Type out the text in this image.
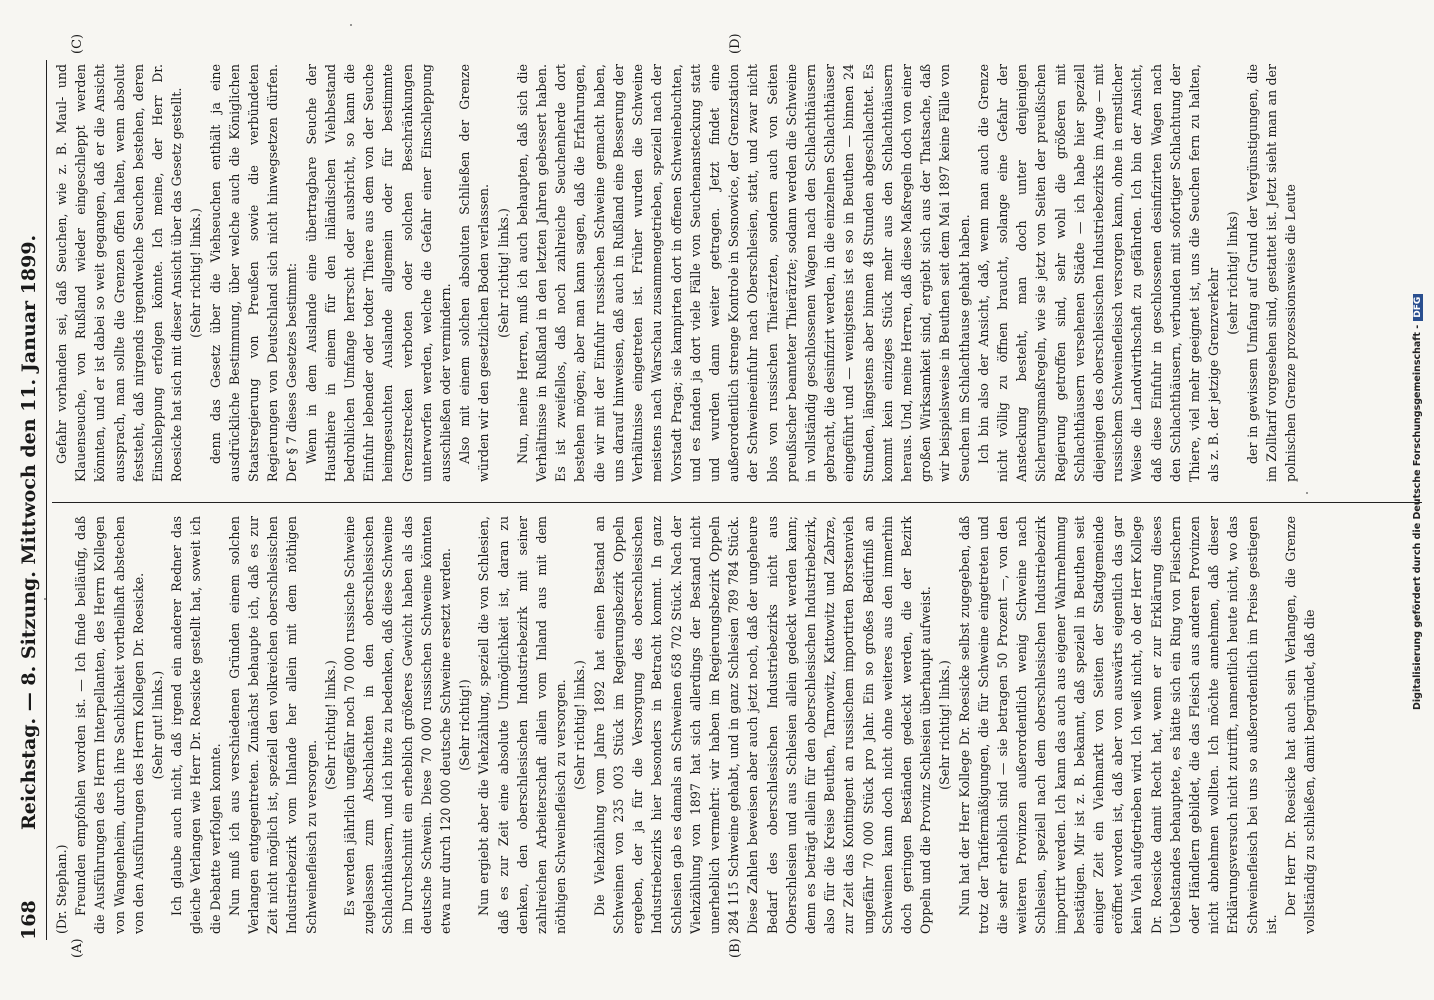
168
Reichstag. — 8. Sitzung. Mittwoch den 11. Januar 1899.

(Dr. Stephan.) Freunden empfohlen worden ist. — Ich finde beiläufig, daß die Ausführungen des Herrn Interpellanten, des Herrn Kollegen von Wangenheim, durch ihre Sachlichkeit vortheilhaft abstechen von den Ausführungen des Herrn Kollegen Dr. Roesicke. (Sehr gut! links.) Ich glaube auch nicht, daß irgend ein anderer Redner das gleiche Verlangen wie Herr Dr. Roesicke gestellt hat, soweit ich die Debatte verfolgen konnte. Nun muß ich aus verschiedenen Gründen einem solchen Verlangen entgegentreten. Zunächst behaupte ich, daß es zur Zeit nicht möglich ist, speziell den volkreichen oberschlesischen Industriebezirk vom Inlande her allein mit dem nöthigen Schweinefleisch zu versorgen.

(Sehr richtig! links.) Es werden jährlich ungefähr noch 70 000 russische Schweine zugelassen zum Abschlachten in den oberschlesischen Schlachthäusern, und ich bitte zu bedenken, daß diese Schweine im Durchschnitt ein erheblich größeres Gewicht haben als das deutsche Schwein. Diese 70 000 russischen Schweine könnten etwa nur durch 120 000 deutsche Schweine ersetzt werden. (Sehr richtig!) Nun ergiebt aber die Viehzählung, speziell die von Schlesien, daß es zur Zeit eine absolute Unmöglichkeit ist, daran zu denken, den oberschlesischen Industriebezirk mit seiner zahlreichen Arbeiterschaft allein vom Inland aus mit dem nöthigen Schweinefleisch zu versorgen. (Sehr richtig! links.) Die Viehzählung vom Jahre 1892 hat einen Bestand an Schweinen von 235 003 Stück im Regierungsbezirk Oppeln ergeben, der ja für die Versorgung des oberschlesischen Industriebezirks hier besonders in Betracht kommt. In ganz Schlesien gab es damals an Schweinen 658 702 Stück. Nach der Viehzählung von 1897 hat sich allerdings der Bestand nicht unerheblich vermehrt: wir haben im Regierungsbezirk Oppeln 284 115 Schweine gehabt, und in ganz Schlesien 789 784 Stück. Diese Zahlen beweisen aber auch jetzt noch, daß der ungeheure Bedarf des oberschlesischen Industriebezirks nicht aus Oberschlesien und aus Schlesien allein gedeckt werden kann; denn es beträgt allein für den oberschlesischen Industriebezirk, also für die Kreise Beuthen, Tarnowitz, Kattowitz und Zabrze, zur Zeit das Kontingent an russischem importirten Borstenvieh ungefähr 70 000 Stück pro Jahr. Ein so großes Bedürfniß an Schweinen kann doch nicht ohne weiteres aus den immerhin doch geringen Beständen gedeckt werden, die der Bezirk Oppeln und die Provinz Schlesien überhaupt aufweist. (Sehr richtig! links.) Nun hat der Herr Kollege Dr. Roesicke selbst zugegeben, daß trotz der Tarifermäßigungen, die für Schweine eingetreten und die sehr erheblich sind — sie betragen 50 Prozent —, von den weiteren Provinzen außerordentlich wenig Schweine nach Schlesien, speziell nach dem oberschlesischen Industriebezirk importirt werden. Ich kann das auch aus eigener Wahrnehmung bestätigen. Mir ist z. B. bekannt, daß speziell in Beuthen seit einiger Zeit ein Viehmarkt von Seiten der Stadtgemeinde eröffnet worden ist, daß aber von auswärts eigentlich das gar kein Vieh aufgetrieben wird. Ich weiß nicht, ob der Herr Kollege Dr. Roesicke damit Recht hat, wenn er zur Erklärung dieses Uebelstandes behauptete, es hätte sich ein Ring von Fleischern oder Händlern gebildet, die das Fleisch aus anderen Provinzen nicht abnehmen wollten. Ich möchte annehmen, daß dieser Erklärungsversuch nicht zutrifft, namentlich heute nicht, wo das Schweinefleisch bei uns so außerordentlich im Preise gestiegen ist.

Der Herr Dr. Roesicke hat auch sein Verlangen, die Grenze vollständig zu schließen, damit begründet, daß die

Gefahr vorhanden sei, daß Seuchen, wie z. B. Maul- und Klauenseuche, von Rußland wieder eingeschleppt werden könnten, und er ist dabei so weit gegangen, daß er die Ansicht aussprach, man sollte die Grenzen offen halten, wenn absolut feststeht, daß nirgends irgendwelche Seuchen bestehen, deren Einschleppung erfolgen könnte. Ich meine, der Herr Dr. Roesicke hat sich mit dieser Ansicht über das Gesetz gestellt. (Sehr richtig! links.) denn das Gesetz über die Viehseuchen enthält ja eine ausdrückliche Bestimmung, über welche auch die Königlichen Staatsregierung von Preußen sowie die verbündeten Regierungen von Deutschland sich nicht hinwegsetzen dürfen. Der § 7 dieses Gesetzes bestimmt: Wenn in dem Auslande eine übertragbare Seuche der Hausthiere in einem für den inländischen Viehbestand bedrohlichen Umfange herrscht oder ausbricht, so kann die Einfuhr lebender oder todter Thiere aus dem von der Seuche heimgesuchten Auslande allgemein oder für bestimmte Grenzstrecken verboten oder solchen Beschränkungen unterworfen werden, welche die Gefahr einer Einschleppung ausschließen oder vermindern. Also mit einem solchen absoluten Schließen der Grenze würden wir den gesetzlichen Boden verlassen. (Sehr richtig! links.) Nun, meine Herren, muß ich auch behaupten, daß sich die Verhältnisse in Rußland in den letzten Jahren gebessert haben. Es ist zweifellos, daß noch zahlreiche Seuchenherde dort bestehen mögen; aber man kann sagen, daß die Erfahrungen, die wir mit der Einfuhr russischen Schweine gemacht haben, uns darauf hinweisen, daß auch in Rußland eine Besserung der Verhältnisse eingetreten ist. Früher wurden die Schweine meistens nach Warschau zusammengetrieben, speziell nach der Vorstadt Praga; sie kampirten dort in offenen Schweinebuchten, und es fanden ja dort viele Fälle von Seuchenansteckung statt und wurden dann weiter getragen. Jetzt findet eine außerordentlich strenge Kontrole in Sosnowice, der Grenzstation der Schweineeinfuhr nach Oberschlesien, statt, und zwar nicht blos von russischen Thierärzten, sondern auch von Seiten preußischer beamteter Thierärzte; sodann werden die Schweine in vollständig geschlossenen Wagen nach den Schlachthäusern gebracht, die desinfizirt werden, in die einzelnen Schlachthäuser eingeführt und — wenigstens ist es so in Beuthen — binnen 24 Stunden, längstens aber binnen 48 Stunden abgeschlachtet. Es kommt kein einziges Stück mehr aus den Schlachthäusern heraus. Und, meine Herren, daß diese Maßregeln doch von einer großen Wirksamkeit sind, ergiebt sich aus der Thatsache, daß wir beispielsweise in Beuthen seit dem Mai 1897 keine Fälle von Seuchen im Schlachthause gehabt haben. Ich bin also der Ansicht, daß, wenn man auch die Grenze nicht völlig zu öffnen braucht, solange eine Gefahr der Ansteckung besteht, man doch unter denjenigen Sicherungsmaßregeln, wie sie jetzt von Seiten der preußischen Regierung getroffen sind, sehr wohl die größeren mit Schlachthäusern versehenen Städte — ich habe hier speziell diejenigen des oberschlesischen Industriebezirks im Auge — mit russischem Schweinefleisch versorgen kann, ohne in ernstlicher Weise die Landwirthschaft zu gefährden. Ich bin der Ansicht, daß diese Einfuhr in geschlossenen desinfizirten Wagen nach den Schlachthäusern, verbunden mit sofortiger Schlachtung der Thiere, viel mehr geeignet ist, uns die Seuchen fern zu halten, als z. B. der jetzige Grenzverkehr (sehr richtig! links) der in gewissem Umfang auf Grund der Vergünstigungen, die im Zolltarif vorgesehen sind, gestattet ist. Jetzt sieht man an der polnischen Grenze prozessionsweise die Leute

(A)	(B)
(C)	(D)
Digitalisierung gefördert durch die Deutsche Forschungsgemeinschaft -DFG
